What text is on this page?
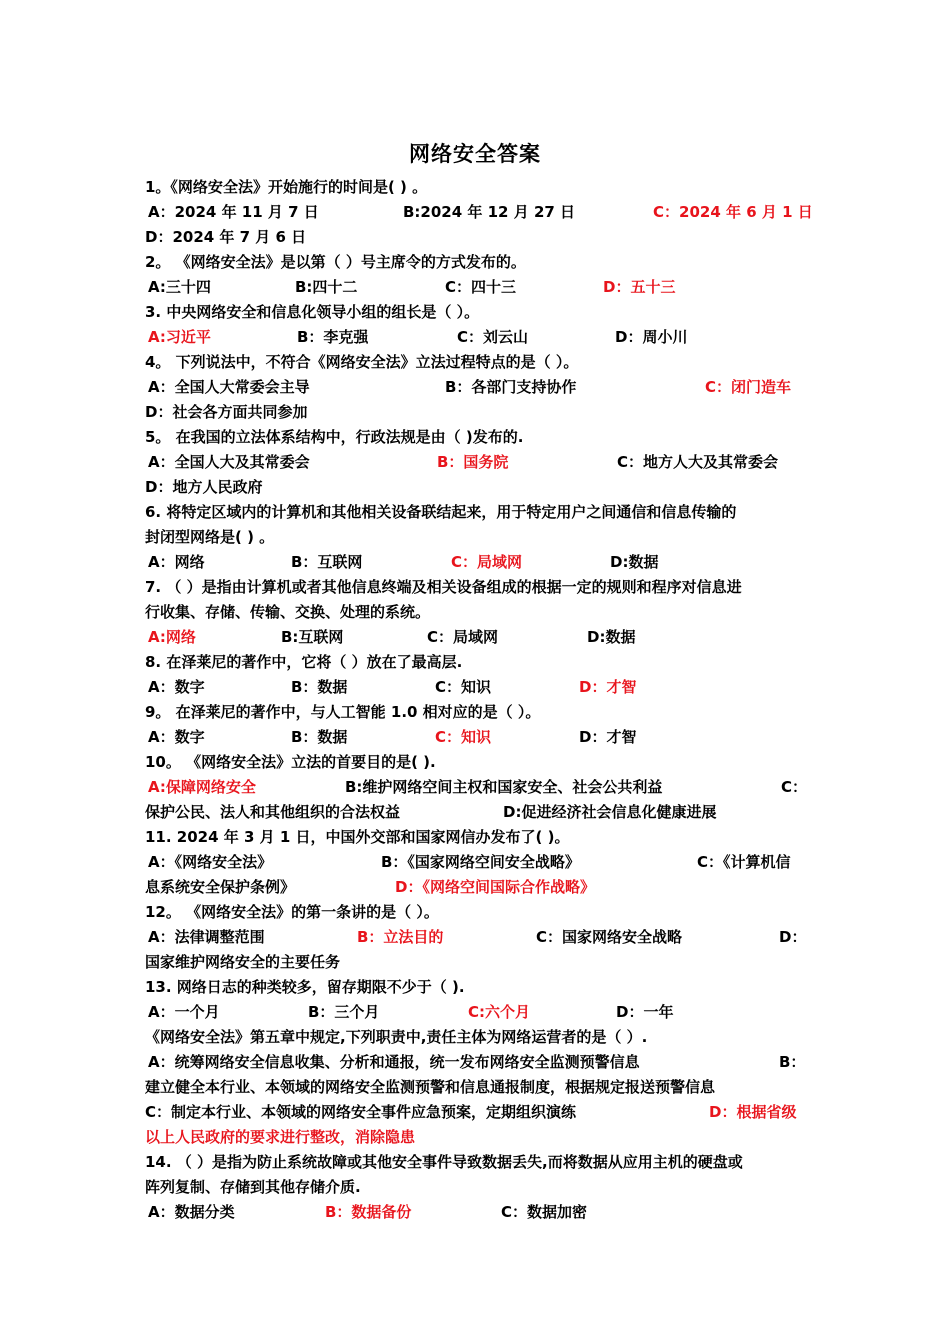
网络安全答案
1。《网络安全法》开始施行的时间是( ) 。
A：2024 年 11 月 7 日	B:2024 年 12 月 27 日	C：2024 年 6 月 1 日
D：2024 年 7 月 6 日
2。 《网络安全法》是以第（ ）号主席令的方式发布的。
A:三十四	B:四十二	C：四十三	D：五十三
3. 中央网络安全和信息化领导小组的组长是（ ）。
A:习近平	B：李克强	C：刘云山	D：周小川
4。 下列说法中，不符合《网络安全法》立法过程特点的是（ ）。
A：全国人大常委会主导	B：各部门支持协作	C：闭门造车
D：社会各方面共同参加
5。 在我国的立法体系结构中，行政法规是由（ )发布的.
A：全国人大及其常委会	B：国务院	C：地方人大及其常委会
D：地方人民政府
6. 将特定区域内的计算机和其他相关设备联结起来，用于特定用户之间通信和信息传输的
封闭型网络是( ) 。
A：网络	B：互联网	C：局域网	D:数据
7. （ ）是指由计算机或者其他信息终端及相关设备组成的根据一定的规则和程序对信息进
行收集、存储、传输、交换、处理的系统。
A:网络	B:互联网	C：局域网	D:数据
8. 在泽莱尼的著作中，它将（ ）放在了最高层.
A：数字	B：数据	C：知识	D：才智
9。 在泽莱尼的著作中，与人工智能 1.0 相对应的是（ ）。
A：数字	B：数据	C：知识	D：才智
10。 《网络安全法》立法的首要目的是( ).
A:保障网络安全	B:维护网络空间主权和国家安全、社会公共利益	C：
保护公民、法人和其他组织的合法权益	D:促进经济社会信息化健康进展
11. 2024 年 3 月 1 日，中国外交部和国家网信办发布了( )。
A：《网络安全法》	B：《国家网络空间安全战略》	C：《计算机信
息系统安全保护条例》	D：《网络空间国际合作战略》
12。 《网络安全法》的第一条讲的是（ ）。
A：法律调整范围	B：立法目的	C：国家网络安全战略	D：
国家维护网络安全的主要任务
13. 网络日志的种类较多，留存期限不少于（ ).
A：一个月	B：三个月	C:六个月	D：一年
《网络安全法》第五章中规定,下列职责中,责任主体为网络运营者的是（ ）.
A：统筹网络安全信息收集、分析和通报，统一发布网络安全监测预警信息	B：
建立健全本行业、本领域的网络安全监测预警和信息通报制度，根据规定报送预警信息
C：制定本行业、本领域的网络安全事件应急预案，定期组织演练	D：根据省级
以上人民政府的要求进行整改，消除隐患
14. （ ）是指为防止系统故障或其他安全事件导致数据丢失,而将数据从应用主机的硬盘或
阵列复制、存储到其他存储介质.
A：数据分类	B：数据备份	C：数据加密
